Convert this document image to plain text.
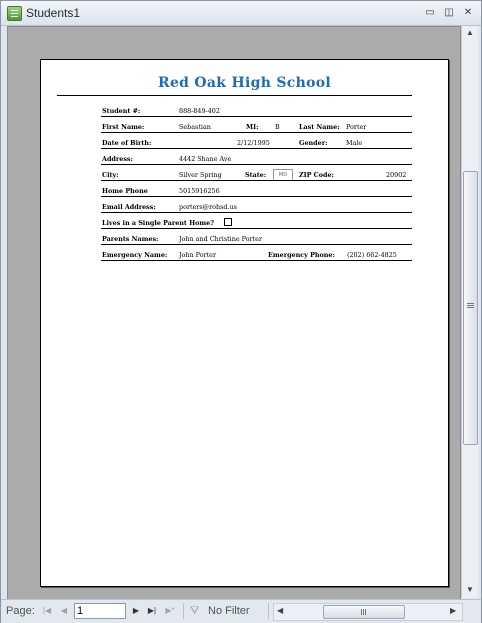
Students1	▭ ◫ ✕
Red Oak High School
Student #:	888-849-402
First Name:	Sebastian	MI:	B	Last Name: Porter
Date of Birth:	2/12/1995	Gender:	Male
Address:	4442 Shane Ave
City:	Silver Spring	State:	MD	ZIP Code:	20902
Home Phone	5015916256
Email Address:	porters@rohsd.us
Lives in a Single Parent Home?
Parents Names:	John and Christine Porter
Emergency Name: John Porter	Emergency Phone: (202) 662-4825
▲
▼
Page: |◀	◀ 1	▶	▶| ▶* ⛛ No Filter	◀	▶
